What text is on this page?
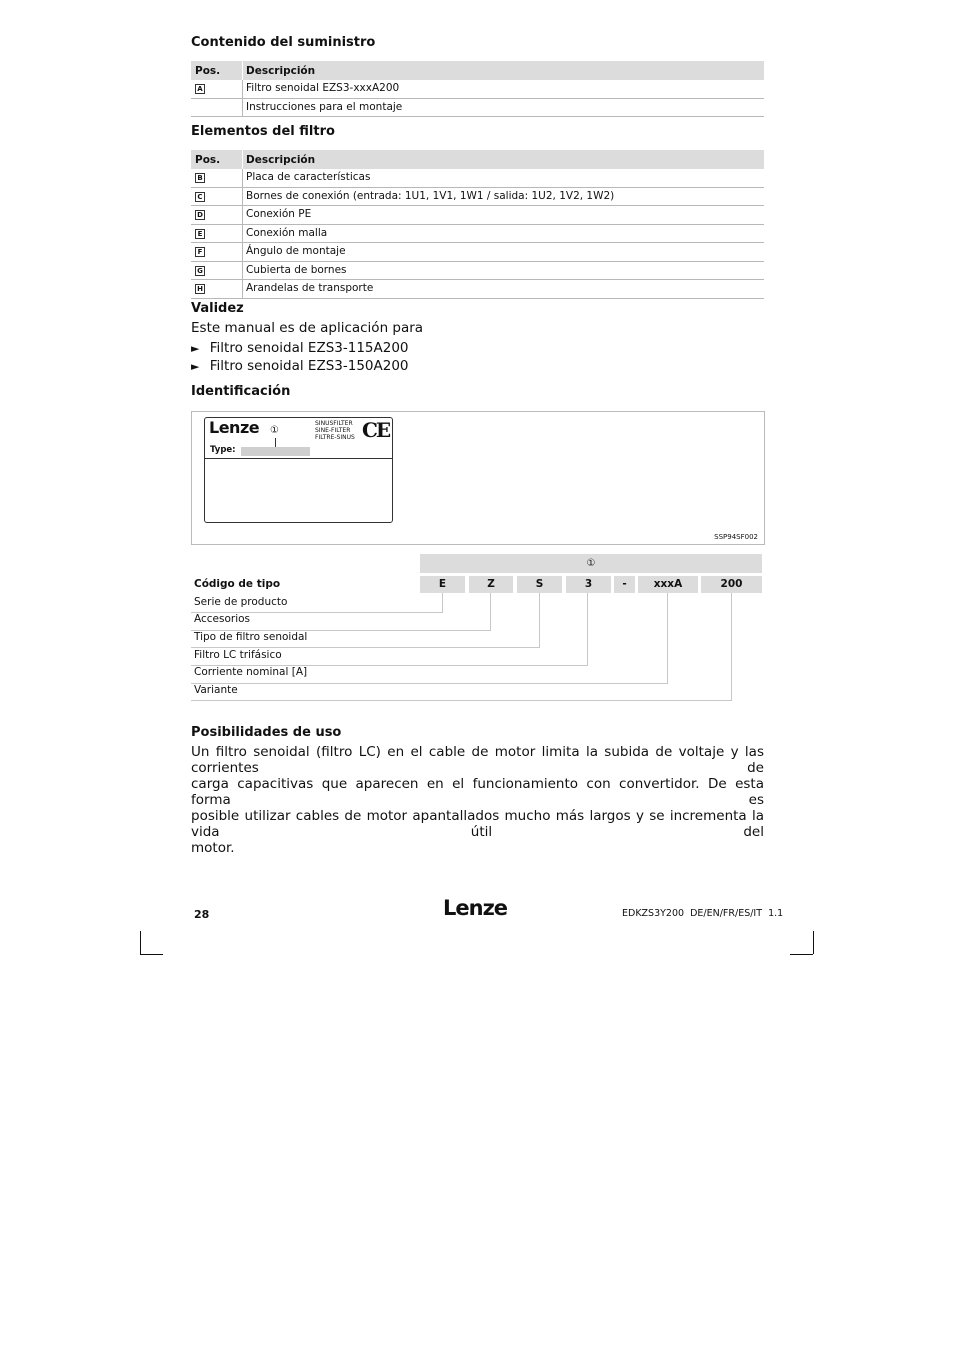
Contenido del suministro
Pos. Descripción
A	Filtro senoidal EZS3-xxxA200
Instrucciones para el montaje
Elementos del filtro
Pos. Descripción
B	Placa de características
C	Bornes de conexión (entrada: 1U1, 1V1, 1W1 / salida: 1U2, 1V2, 1W2)
D	Conexión PE
E	Conexión malla
F	Ángulo de montaje
G	Cubierta de bornes
H	Arandelas de transporte
Validez
Este manual es de aplicación para
► Filtro senoidal EZS3-115A200
► Filtro senoidal EZS3-150A200
Identificación
Lenze ①
SINUSFILTER
SINE-FILTER
FILTRE-SINUS CE
Type:
SSP94SF002
①
Código de tipo	E	Z	S	3	-	xxxA	200
Serie de producto
Accesorios
Tipo de filtro senoidal
Filtro LC trifásico
Corriente nominal [A]
Variante
Posibilidades de uso
Un filtro senoidal (filtro LC) en el cable de motor limita la subida de voltaje y las corrientes de
carga capacitivas que aparecen en el funcionamiento con convertidor. De esta forma es
posible utilizar cables de motor apantallados mucho más largos y se incrementa la vida útil del
motor.
28	Lenze	EDKZS3Y200  DE/EN/FR/ES/IT  1.1
